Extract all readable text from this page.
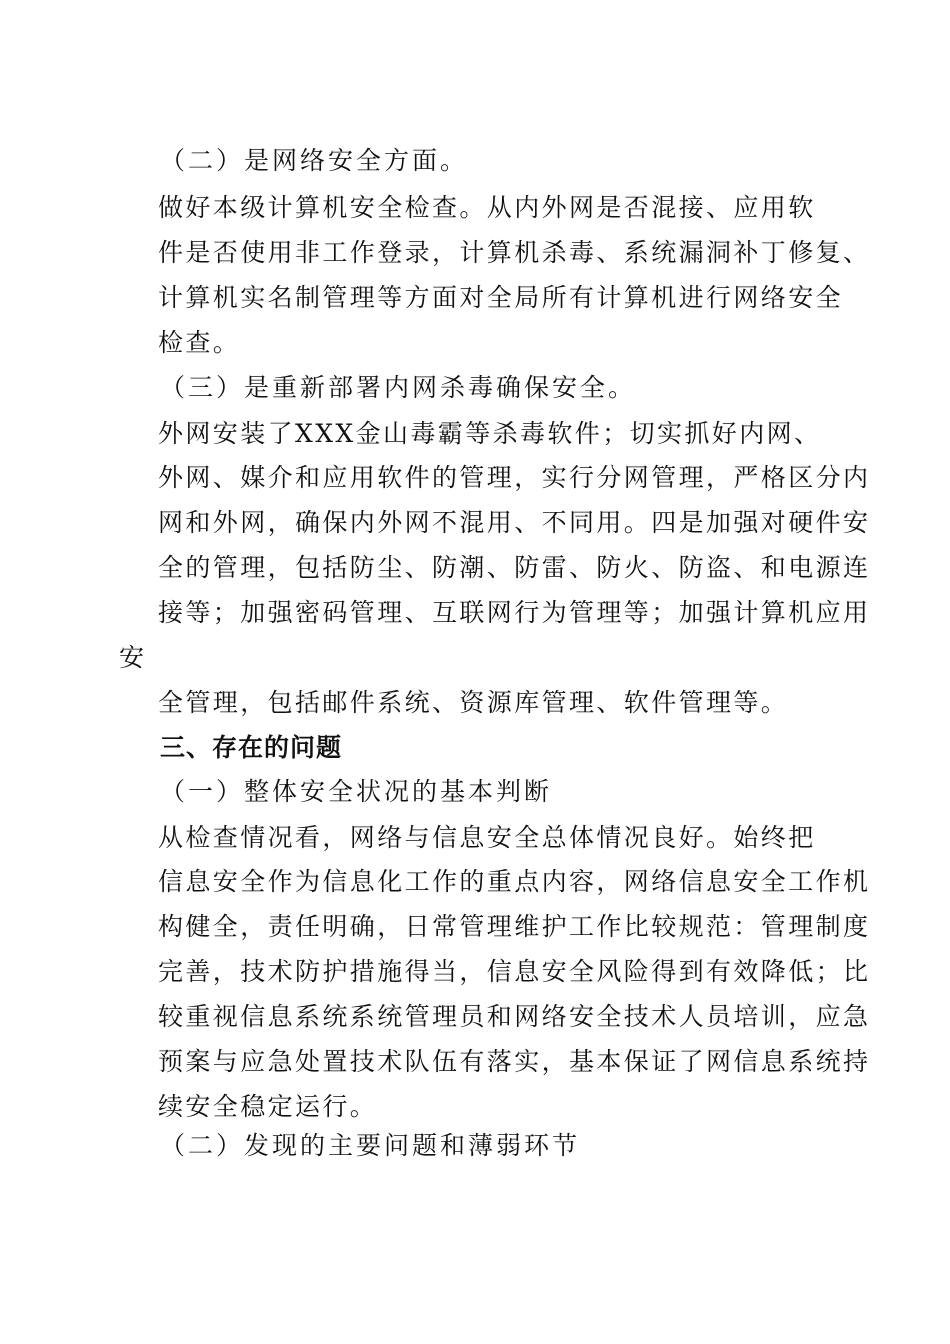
（二）是网络安全方面。
做好本级计算机安全检查。从内外网是否混接、应用软
件是否使用非工作登录，计算机杀毒、系统漏洞补丁修复、
计算机实名制管理等方面对全局所有计算机进行网络安全
检查。
（三）是重新部署内网杀毒确保安全。
外网安装了XXX金山毒霸等杀毒软件；切实抓好内网、
外网、媒介和应用软件的管理，实行分网管理，严格区分内
网和外网，确保内外网不混用、不同用。四是加强对硬件安
全的管理，包括防尘、防潮、防雷、防火、防盗、和电源连
接等；加强密码管理、互联网行为管理等；加强计算机应用
安
全管理，包括邮件系统、资源库管理、软件管理等。
三、存在的问题
（一）整体安全状况的基本判断
从检查情况看，网络与信息安全总体情况良好。始终把
信息安全作为信息化工作的重点内容，网络信息安全工作机
构健全，责任明确，日常管理维护工作比较规范：管理制度
完善，技术防护措施得当，信息安全风险得到有效降低；比
较重视信息系统系统管理员和网络安全技术人员培训，应急
预案与应急处置技术队伍有落实，基本保证了网信息系统持
续安全稳定运行。
（二）发现的主要问题和薄弱环节
